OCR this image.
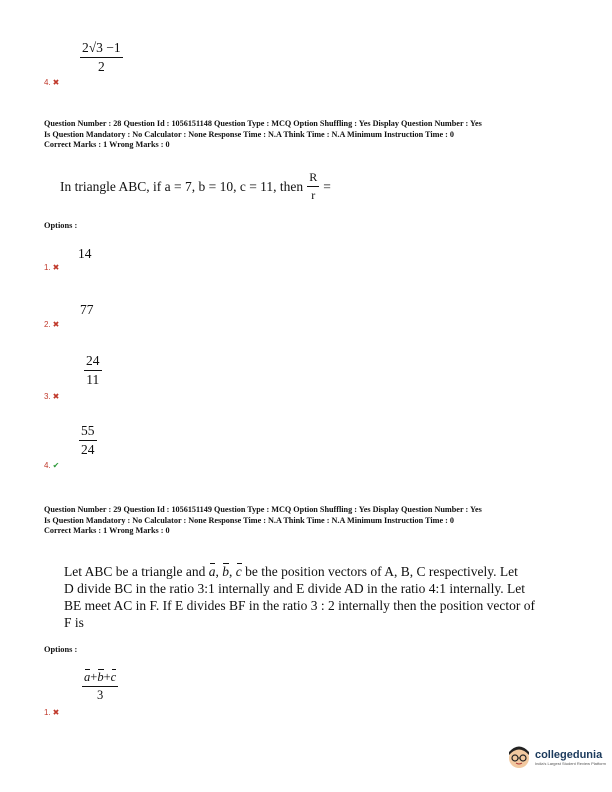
$\frac{2√3 -1}{2}$
4. ✖
Question Number : 28 Question Id : 1056151148 Question Type : MCQ Option Shuffling : Yes Display Question Number : Yes
Is Question Mandatory : No Calculator : None Response Time : N.A Think Time : N.A Minimum Instruction Time : 0
Correct Marks : 1 Wrong Marks : 0
In triangle ABC, if a = 7, b = 10, c = 11, then $\frac{R}{r}$ =
Options :
14
1. ✖
77
2. ✖
$\frac{24}{11}$
3. ✖
$\frac{55}{24}$
4. ✔
Question Number : 29 Question Id : 1056151149 Question Type : MCQ Option Shuffling : Yes Display Question Number : Yes
Is Question Mandatory : No Calculator : None Response Time : N.A Think Time : N.A Minimum Instruction Time : 0
Correct Marks : 1 Wrong Marks : 0
Let ABC be a triangle and a, b, c be the position vectors of A, B, C respectively. Let
D divide BC in the ratio 3:1 internally and E divide AD in the ratio 4:1 internally. Let
BE meet AC in F. If E divides BF in the ratio 3 : 2 internally then the position vector of
F is
Options :
$\frac{a+b+c}{3}$
1. ✖
collegedunia
India's Largest Student Review Platform
